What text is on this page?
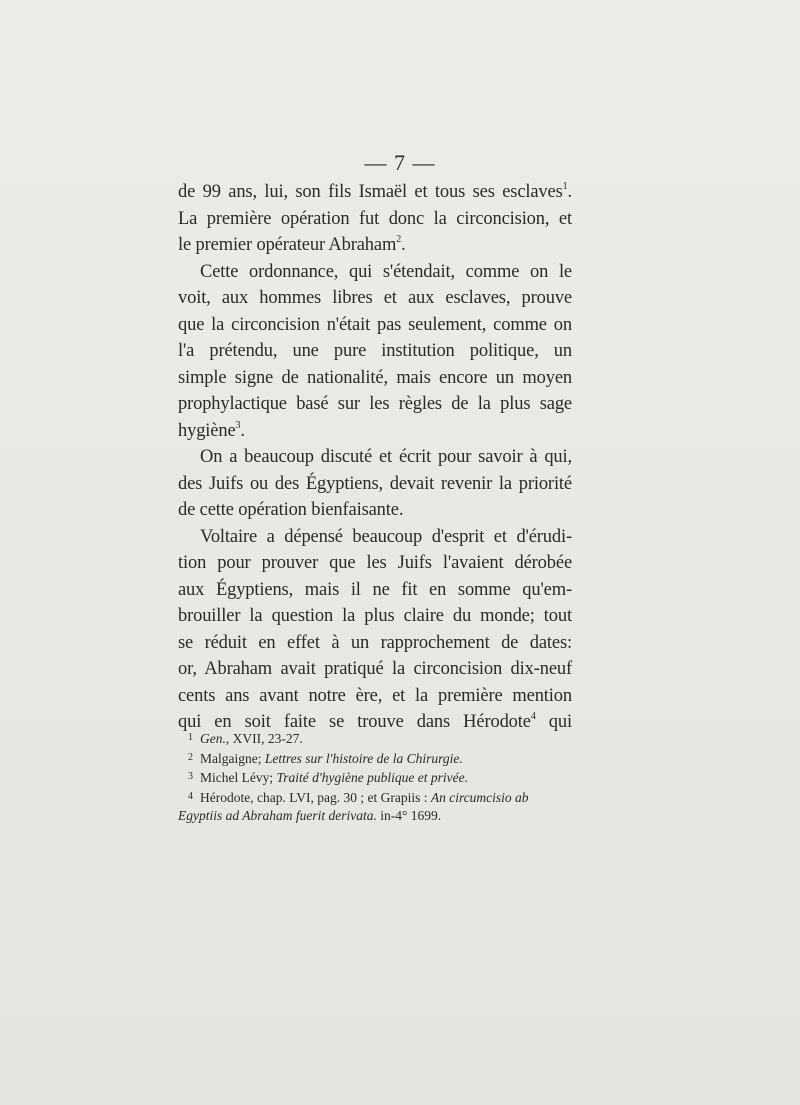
— 7 —
de 99 ans, lui, son fils Ismaël et tous ses esclaves$^1$.
La première opération fut donc la circoncision, et
le premier opérateur Abraham$^2$.
Cette ordonnance, qui s'étendait, comme on le
voit, aux hommes libres et aux esclaves, prouve
que la circoncision n'était pas seulement, comme on
l'a prétendu, une pure institution politique, un
simple signe de nationalité, mais encore un moyen
prophylactique basé sur les règles de la plus sage
hygiène$^3$.
On a beaucoup discuté et écrit pour savoir à qui,
des Juifs ou des Égyptiens, devait revenir la priorité
de cette opération bienfaisante.
Voltaire a dépensé beaucoup d'esprit et d'érudi-
tion pour prouver que les Juifs l'avaient dérobée
aux Égyptiens, mais il ne fit en somme qu'em-
brouiller la question la plus claire du monde; tout
se réduit en effet à un rapprochement de dates:
or, Abraham avait pratiqué la circoncision dix-neuf
cents ans avant notre ère, et la première mention
qui en soit faite se trouve dans Hérodote$^4$ qui
1 Gen., XVII, 23-27.
2 Malgaigne; Lettres sur l'histoire de la Chirurgie.
3 Michel Lévy; Traité d'hygiène publique et privée.
4 Hérodote, chap. LVI, pag. 30 ; et Grapiis : An circumcisio ab
Egyptiis ad Abraham fuerit derivata. in-4° 1699.
